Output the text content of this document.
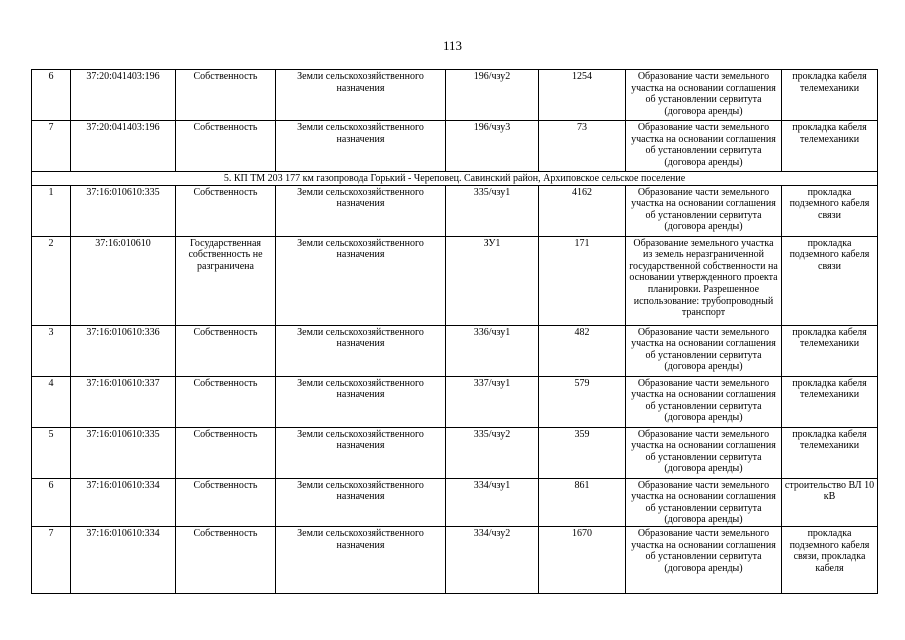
113
6	37:20:041403:196	Собственность	Земли сельскохозяйственного назначения	196/чзу2	1254	Образование части земельного участка на основании соглашения об установлении сервитута (договора аренды)	прокладка кабеля телемеханики
7	37:20:041403:196	Собственность	Земли сельскохозяйственного назначения	196/чзу3	73	Образование части земельного участка на основании соглашения об установлении сервитута (договора аренды)	прокладка кабеля телемеханики
5. КП ТМ 203 177 км газопровода Горький - Череповец. Савинский район, Архиповское сельское поселение							
1	37:16:010610:335	Собственность	Земли сельскохозяйственного назначения	335/чзу1	4162	Образование части земельного участка на основании соглашения об установлении сервитута (договора аренды)	прокладка подземного кабеля связи
2	37:16:010610	Государственная собственность не разграничена	Земли сельскохозяйственного назначения	ЗУ1	171	Образование земельного участка из земель неразграниченной государственной собственности на основании утвержденного проекта планировки. Разрешенное использование: трубопроводный транспорт	прокладка подземного кабеля связи
3	37:16:010610:336	Собственность	Земли сельскохозяйственного назначения	336/чзу1	482	Образование части земельного участка на основании соглашения об установлении сервитута (договора аренды)	прокладка кабеля телемеханики
4	37:16:010610:337	Собственность	Земли сельскохозяйственного назначения	337/чзу1	579	Образование части земельного участка на основании соглашения об установлении сервитута (договора аренды)	прокладка кабеля телемеханики
5	37:16:010610:335	Собственность	Земли сельскохозяйственного назначения	335/чзу2	359	Образование части земельного участка на основании соглашения об установлении сервитута (договора аренды)	прокладка кабеля телемеханики
6	37:16:010610:334	Собственность	Земли сельскохозяйственного назначения	334/чзу1	861	Образование части земельного участка на основании соглашения об установлении сервитута (договора аренды)	строительство ВЛ 10 кВ
7	37:16:010610:334	Собственность	Земли сельскохозяйственного назначения	334/чзу2	1670	Образование части земельного участка на основании соглашения об установлении сервитута (договора аренды)	прокладка подземного кабеля связи, прокладка кабеля
